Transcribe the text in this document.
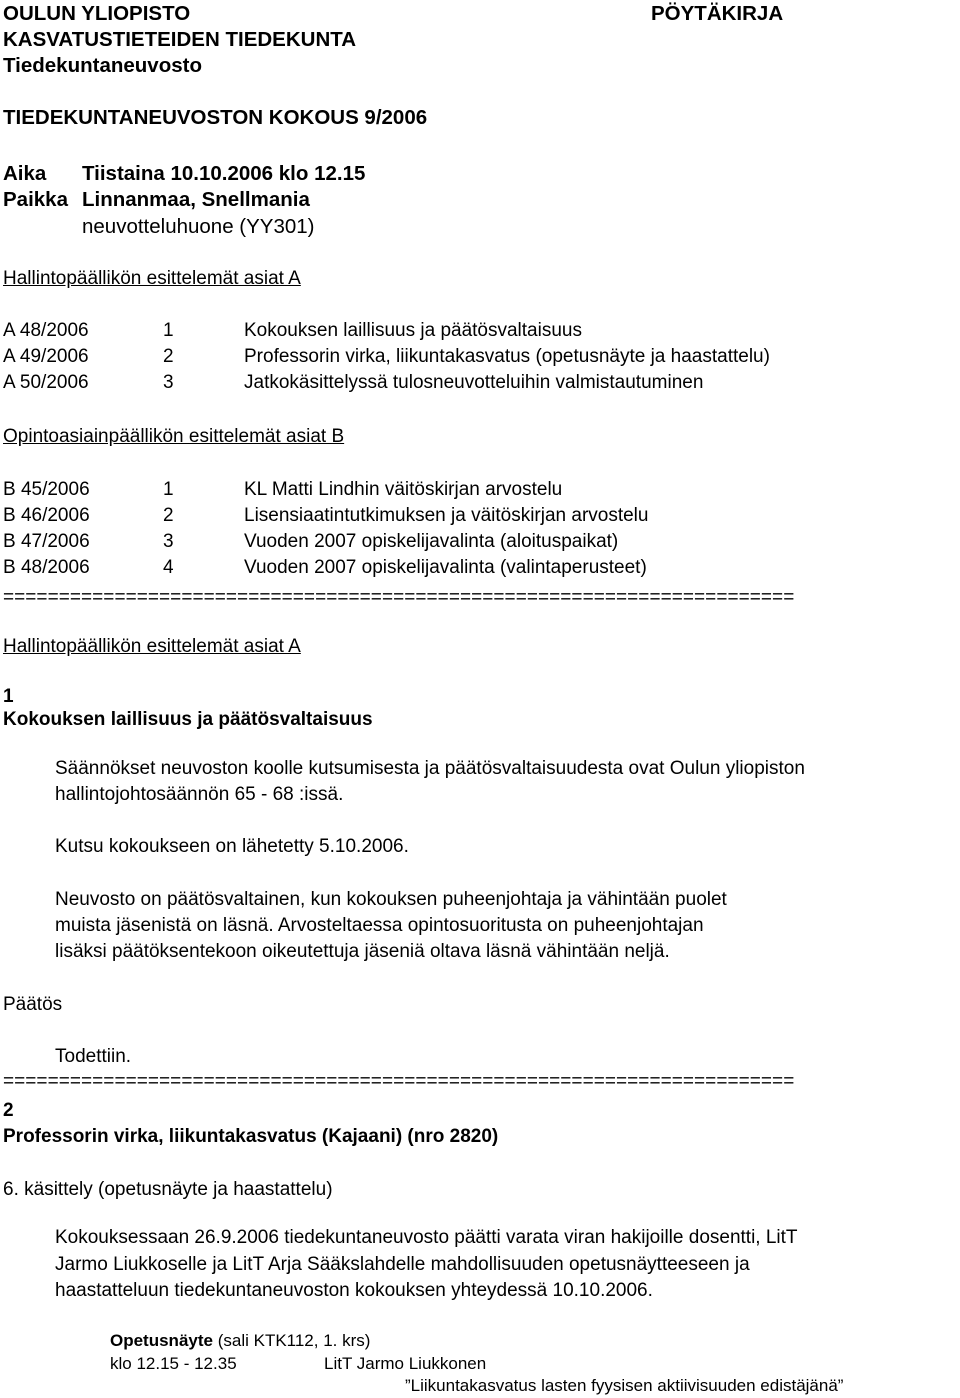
OULUN YLIOPISTO
KASVATUSTIETEIDEN TIEDEKUNTA
Tiedekuntaneuvosto
PÖYTÄKIRJA
TIEDEKUNTANEUVOSTON KOKOUS 9/2006
Aika Tiistaina 10.10.2006 klo 12.15
Paikka Linnanmaa, Snellmania
neuvotteluhuone (YY301)
Hallintopäällikön esittelemät asiat A
A 48/2006	1	Kokouksen laillisuus ja päätösvaltaisuus
A 49/2006	2	Professorin virka, liikuntakasvatus (opetusnäyte ja haastattelu)
A 50/2006	3	Jatkokäsittelyssä tulosneuvotteluihin valmistautuminen
Opintoasiainpäällikön esittelemät asiat B
B 45/2006	1	KL Matti Lindhin väitöskirjan arvostelu
B 46/2006	2	Lisensiaatintutkimuksen ja väitöskirjan arvostelu
B 47/2006	3	Vuoden 2007 opiskelijavalinta (aloituspaikat)
B 48/2006	4	Vuoden 2007 opiskelijavalinta (valintaperusteet)
=======================================================================
Hallintopäällikön esittelemät asiat A
1
Kokouksen laillisuus ja päätösvaltaisuus
Säännökset neuvoston koolle kutsumisesta ja päätösvaltaisuudesta ovat Oulun yliopiston
hallintojohtosäännön 65 - 68 :issä.
Kutsu kokoukseen on lähetetty 5.10.2006.
Neuvosto on päätösvaltainen, kun kokouksen puheenjohtaja ja vähintään puolet
muista jäsenistä on läsnä. Arvosteltaessa opintosuoritusta on puheenjohtajan
lisäksi päätöksentekoon oikeutettuja jäseniä oltava läsnä vähintään neljä.
Päätös
Todettiin.
=======================================================================
2
Professorin virka, liikuntakasvatus (Kajaani) (nro 2820)
6. käsittely (opetusnäyte ja haastattelu)
Kokouksessaan 26.9.2006 tiedekuntaneuvosto päätti varata viran hakijoille dosentti, LitT
Jarmo Liukkoselle ja LitT Arja Sääkslahdelle mahdollisuuden opetusnäytteeseen ja
haastatteluun tiedekuntaneuvoston kokouksen yhteydessä 10.10.2006.
Opetusnäyte (sali KTK112, 1. krs)
klo 12.15 - 12.35	LitT Jarmo Liukkonen
”Liikuntakasvatus lasten fyysisen aktiivisuuden edistäjänä”
